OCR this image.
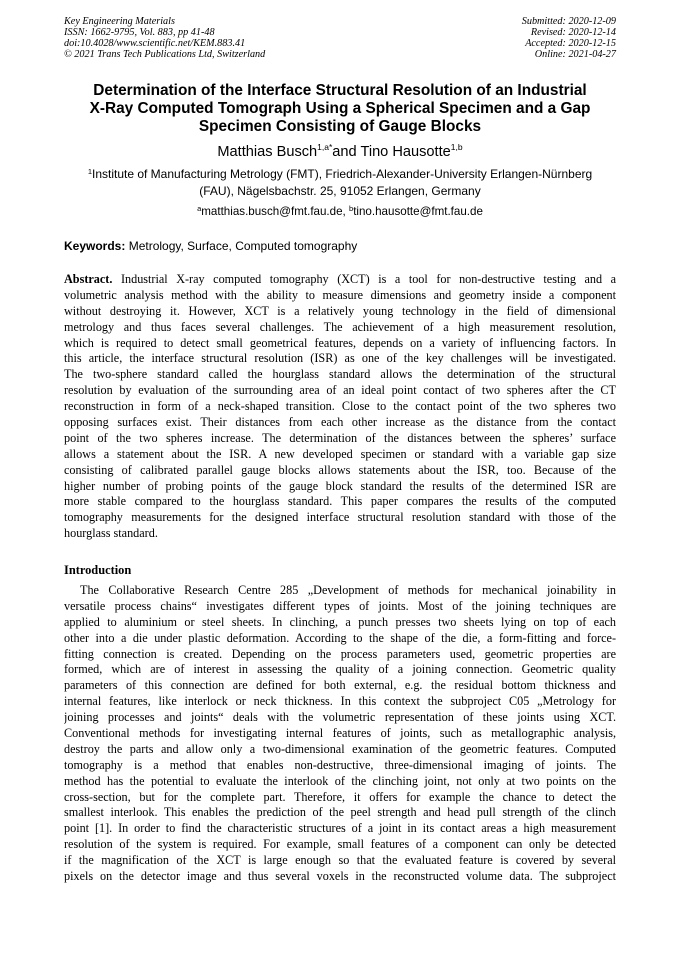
Key Engineering Materials
ISSN: 1662-9795, Vol. 883, pp 41-48
doi:10.4028/www.scientific.net/KEM.883.41
© 2021 Trans Tech Publications Ltd, Switzerland
Submitted: 2020-12-09
Revised: 2020-12-14
Accepted: 2020-12-15
Online: 2021-04-27
Determination of the Interface Structural Resolution of an Industrial
X-Ray Computed Tomograph Using a Spherical Specimen and a Gap
Specimen Consisting of Gauge Blocks
Matthias Busch$^{1,a*}$and Tino Hausotte$^{1,b}$
$^1$Institute of Manufacturing Metrology (FMT), Friedrich-Alexander-University Erlangen-Nürnberg
(FAU), Nägelsbachstr. 25, 91052 Erlangen, Germany
$^a$matthias.busch@fmt.fau.de, $^b$tino.hausotte@fmt.fau.de
Keywords: Metrology, Surface, Computed tomography
Abstract. Industrial X-ray computed tomography (XCT) is a tool for non-destructive testing and a
volumetric analysis method with the ability to measure dimensions and geometry inside a component
without destroying it. However, XCT is a relatively young technology in the field of dimensional
metrology and thus faces several challenges. The achievement of a high measurement resolution,
which is required to detect small geometrical features, depends on a variety of influencing factors. In
this article, the interface structural resolution (ISR) as one of the key challenges will be investigated.
The two-sphere standard called the hourglass standard allows the determination of the structural
resolution by evaluation of the surrounding area of an ideal point contact of two spheres after the CT
reconstruction in form of a neck-shaped transition. Close to the contact point of the two spheres two
opposing surfaces exist. Their distances from each other increase as the distance from the contact
point of the two spheres increase. The determination of the distances between the spheres’ surface
allows a statement about the ISR. A new developed specimen or standard with a variable gap size
consisting of calibrated parallel gauge blocks allows statements about the ISR, too. Because of the
higher number of probing points of the gauge block standard the results of the determined ISR are
more stable compared to the hourglass standard. This paper compares the results of the computed
tomography measurements for the designed interface structural resolution standard with those of the
hourglass standard.
Introduction
The Collaborative Research Centre 285 „Development of methods for mechanical joinability in
versatile process chains“ investigates different types of joints. Most of the joining techniques are
applied to aluminium or steel sheets. In clinching, a punch presses two sheets lying on top of each
other into a die under plastic deformation. According to the shape of the die, a form-fitting and force-
fitting connection is created. Depending on the process parameters used, geometric properties are
formed, which are of interest in assessing the quality of a joining connection. Geometric quality
parameters of this connection are defined for both external, e.g. the residual bottom thickness and
internal features, like interlock or neck thickness. In this context the subproject C05 „Metrology for
joining processes and joints“ deals with the volumetric representation of these joints using XCT.
Conventional methods for investigating internal features of joints, such as metallographic analysis,
destroy the parts and allow only a two-dimensional examination of the geometric features. Computed
tomography is a method that enables non-destructive, three-dimensional imaging of joints. The
method has the potential to evaluate the interlook of the clinching joint, not only at two points on the
cross-section, but for the complete part. Therefore, it offers for example the chance to detect the
smallest interlook. This enables the prediction of the peel strength and head pull strength of the clinch
point [1]. In order to find the characteristic structures of a joint in its contact areas a high measurement
resolution of the system is required. For example, small features of a component can only be detected
if the magnification of the XCT is large enough so that the evaluated feature is covered by several
pixels on the detector image and thus several voxels in the reconstructed volume data. The subproject
